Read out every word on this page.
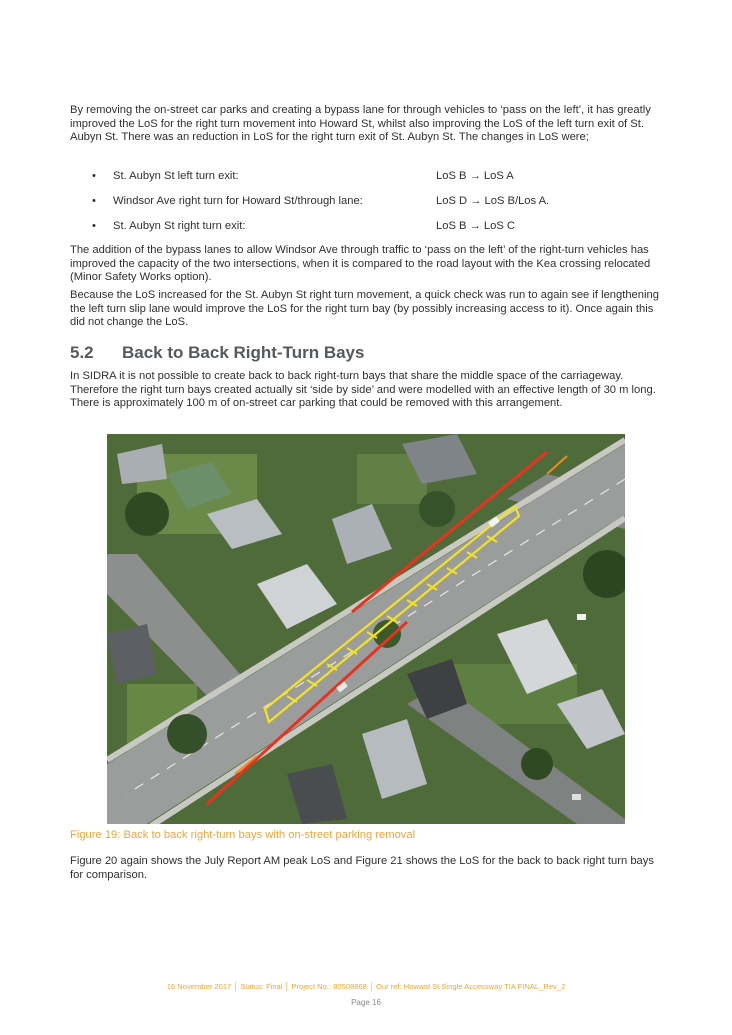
By removing the on-street car parks and creating a bypass lane for through vehicles to ‘pass on the left’, it has greatly improved the LoS for the right turn movement into Howard St, whilst also improving the LoS of the left turn exit of St. Aubyn St. There was an reduction in LoS for the right turn exit of St. Aubyn St. The changes in LoS were;
• St. Aubyn St left turn exit:	LoS B → LoS A
• Windsor Ave right turn for Howard St/through lane:	LoS D → LoS B/Los A.
• St. Aubyn St right turn exit:	LoS B → LoS C
The addition of the bypass lanes to allow Windsor Ave through traffic to ‘pass on the left’ of the right-turn vehicles has improved the capacity of the two intersections, when it is compared to the road layout with the Kea crossing relocated (Minor Safety Works option).
Because the LoS increased for the St. Aubyn St right turn movement, a quick check was run to again see if lengthening the left turn slip lane would improve the LoS for the right turn bay (by possibly increasing access to it). Once again this did not change the LoS.
5.2 Back to Back Right-Turn Bays
In SIDRA it is not possible to create back to back right-turn bays that share the middle space of the carriageway. Therefore the right turn bays created actually sit ‘side by side’ and were modelled with an effective length of 30 m long. There is approximately 100 m of on-street car parking that could be removed with this arrangement.
Figure 19: Back to back right-turn bays with on-street parking removal
Figure 20 again shows the July Report AM peak LoS and Figure 21 shows the LoS for the back to back right turn bays for comparison.
16 November 2017 │ Status: Final │ Project No.: 80508868 │ Our ref: Howard St Single Accessway TIA FINAL_Rev_2
Page 16
